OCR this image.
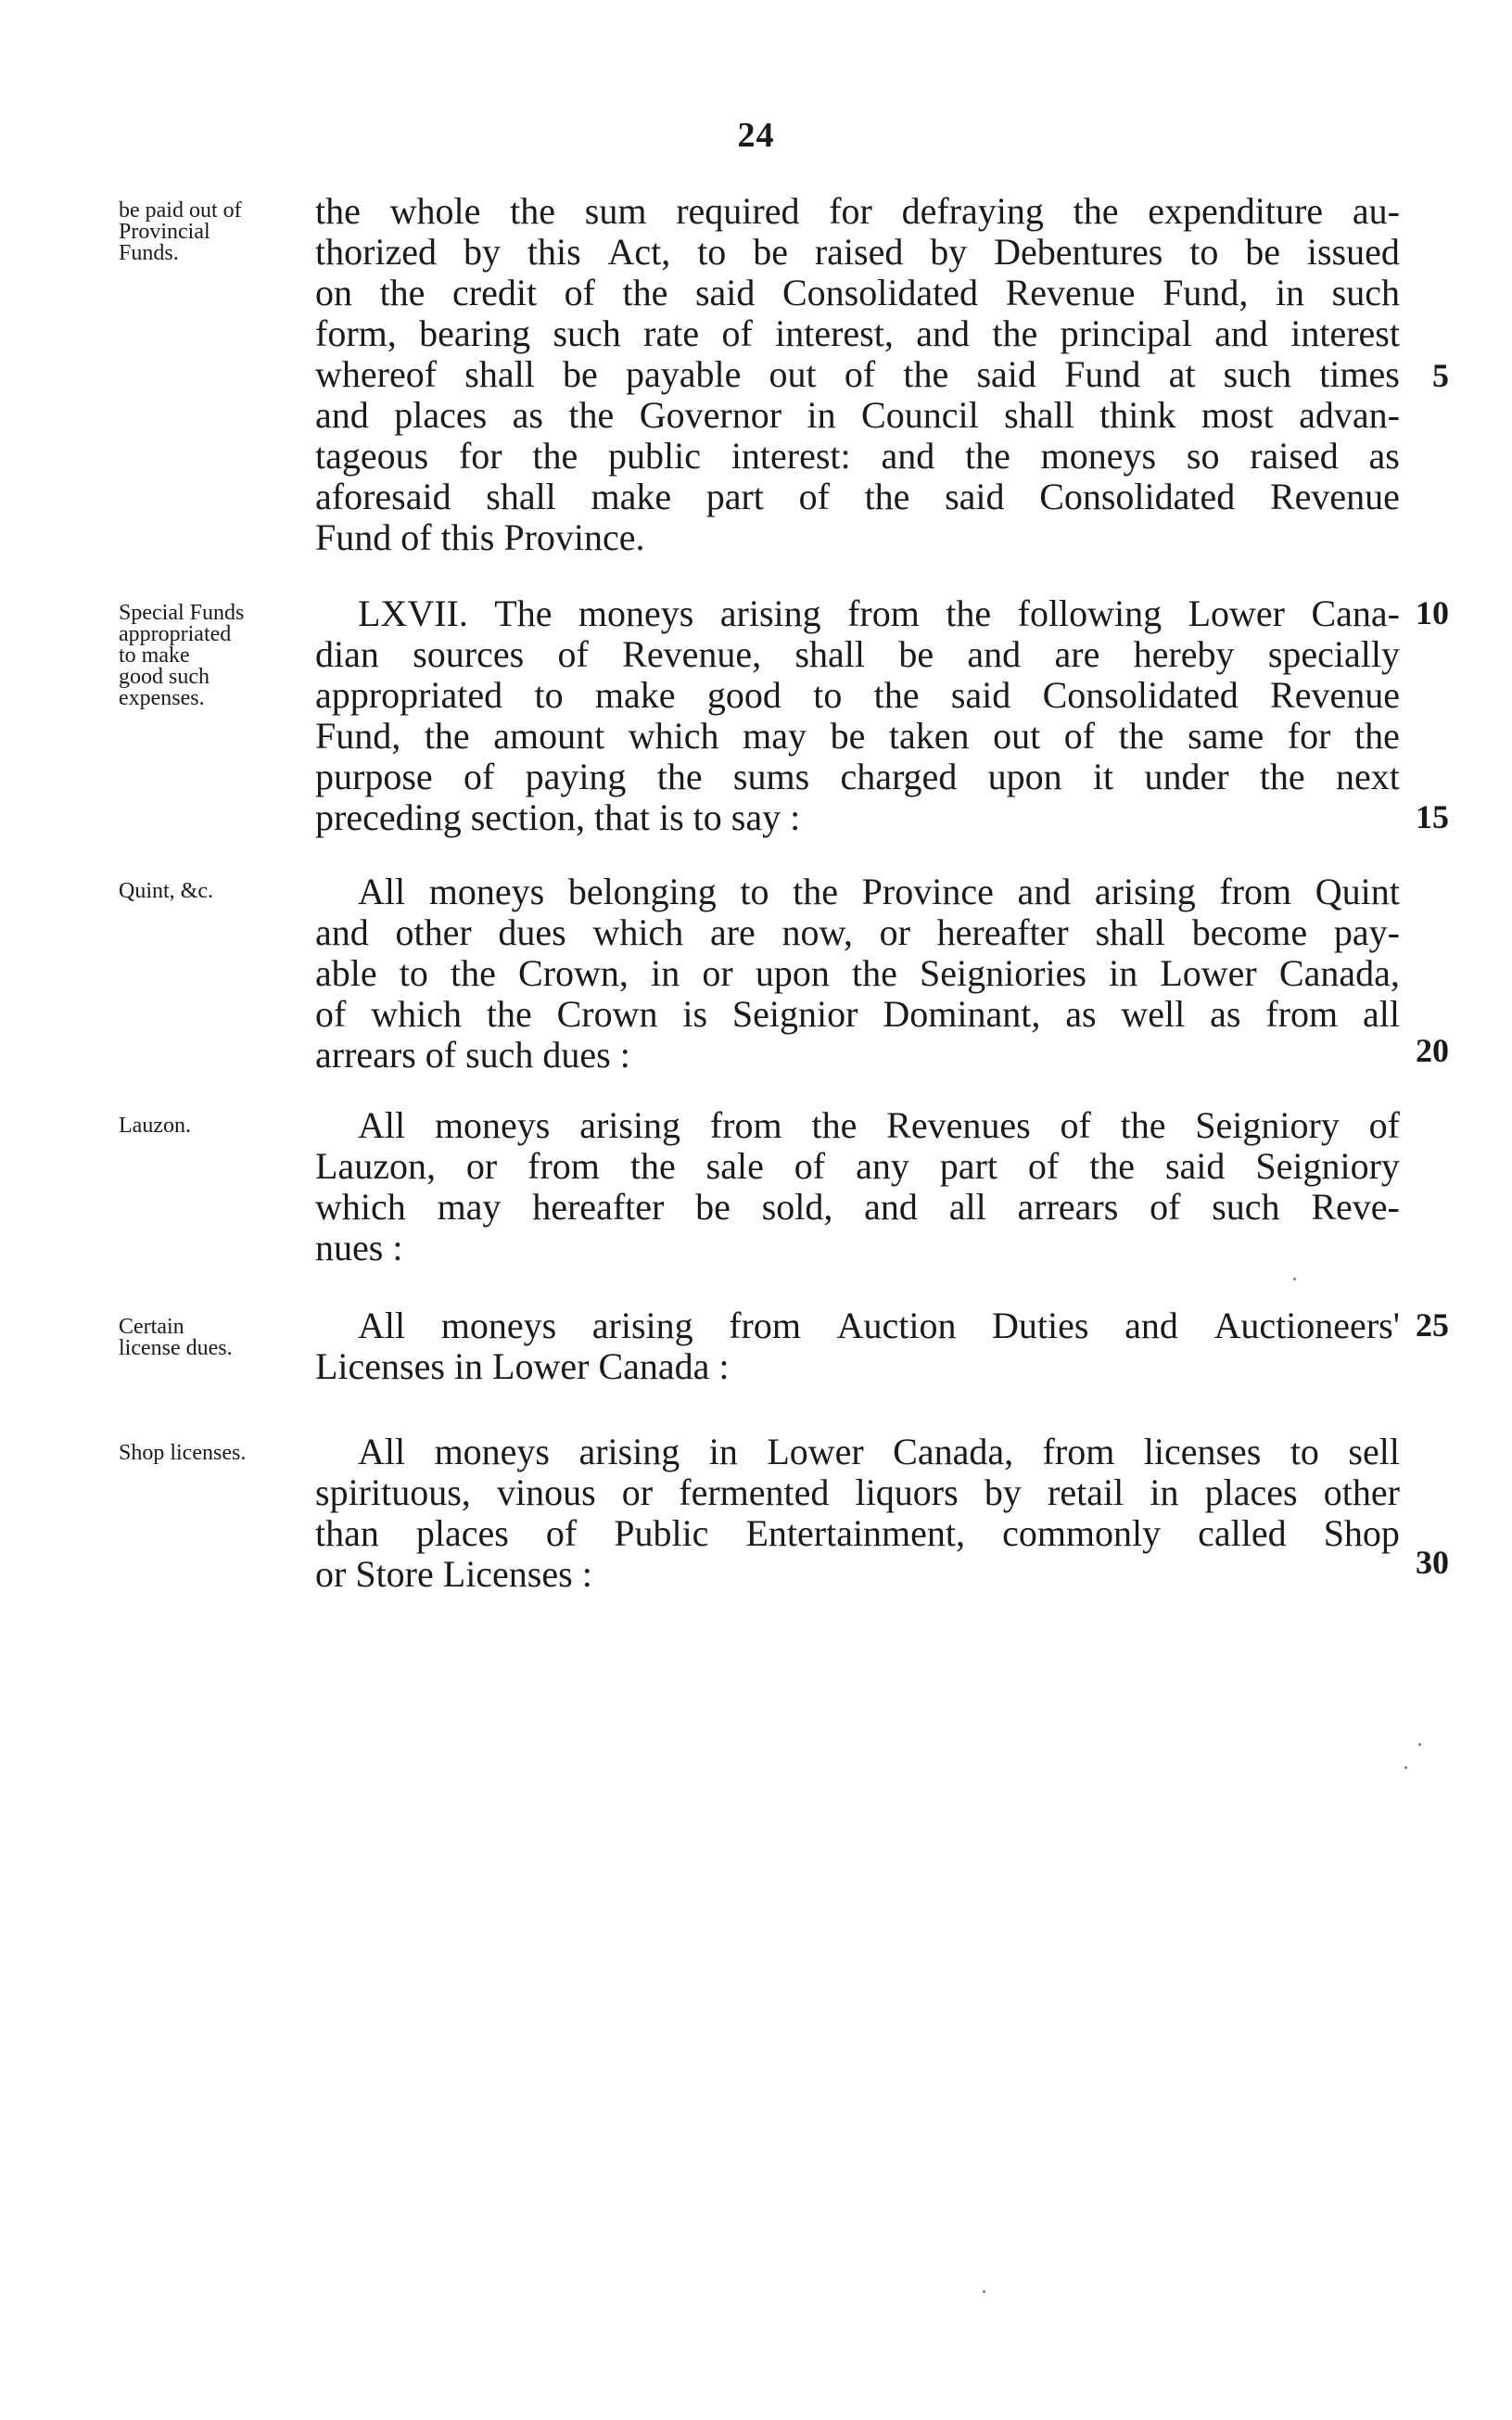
24
be paid out of
Provincial
Funds.
Special Funds
appropriated
to make
good such
expenses.
Quint, &c.
Lauzon.
Certain
license dues.
Shop licenses.
the whole the sum required for defraying the expenditure au-
thorized by this Act, to be raised by Debentures to be issued
on the credit of the said Consolidated Revenue Fund, in such
form, bearing such rate of interest, and the principal and interest
whereof shall be payable out of the said Fund at such times
and places as the Governor in Council shall think most advan-
tageous for the public interest: and the moneys so raised as
aforesaid shall make part of the said Consolidated Revenue
Fund of this Province.
LXVII. The moneys arising from the following Lower Cana-
dian sources of Revenue, shall be and are hereby specially
appropriated to make good to the said Consolidated Revenue
Fund, the amount which may be taken out of the same for the
purpose of paying the sums charged upon it under the next
preceding section, that is to say :
All moneys belonging to the Province and arising from Quint
and other dues which are now, or hereafter shall become pay-
able to the Crown, in or upon the Seigniories in Lower Canada,
of which the Crown is Seignior Dominant, as well as from all
arrears of such dues :
All moneys arising from the Revenues of the Seigniory of
Lauzon, or from the sale of any part of the said Seigniory
which may hereafter be sold, and all arrears of such Reve-
nues :
All moneys arising from Auction Duties and Auctioneers'
Licenses in Lower Canada :
All moneys arising in Lower Canada, from licenses to sell
spirituous, vinous or fermented liquors by retail in places other
than places of Public Entertainment, commonly called Shop
or Store Licenses :
5
10
15
20
25
30
